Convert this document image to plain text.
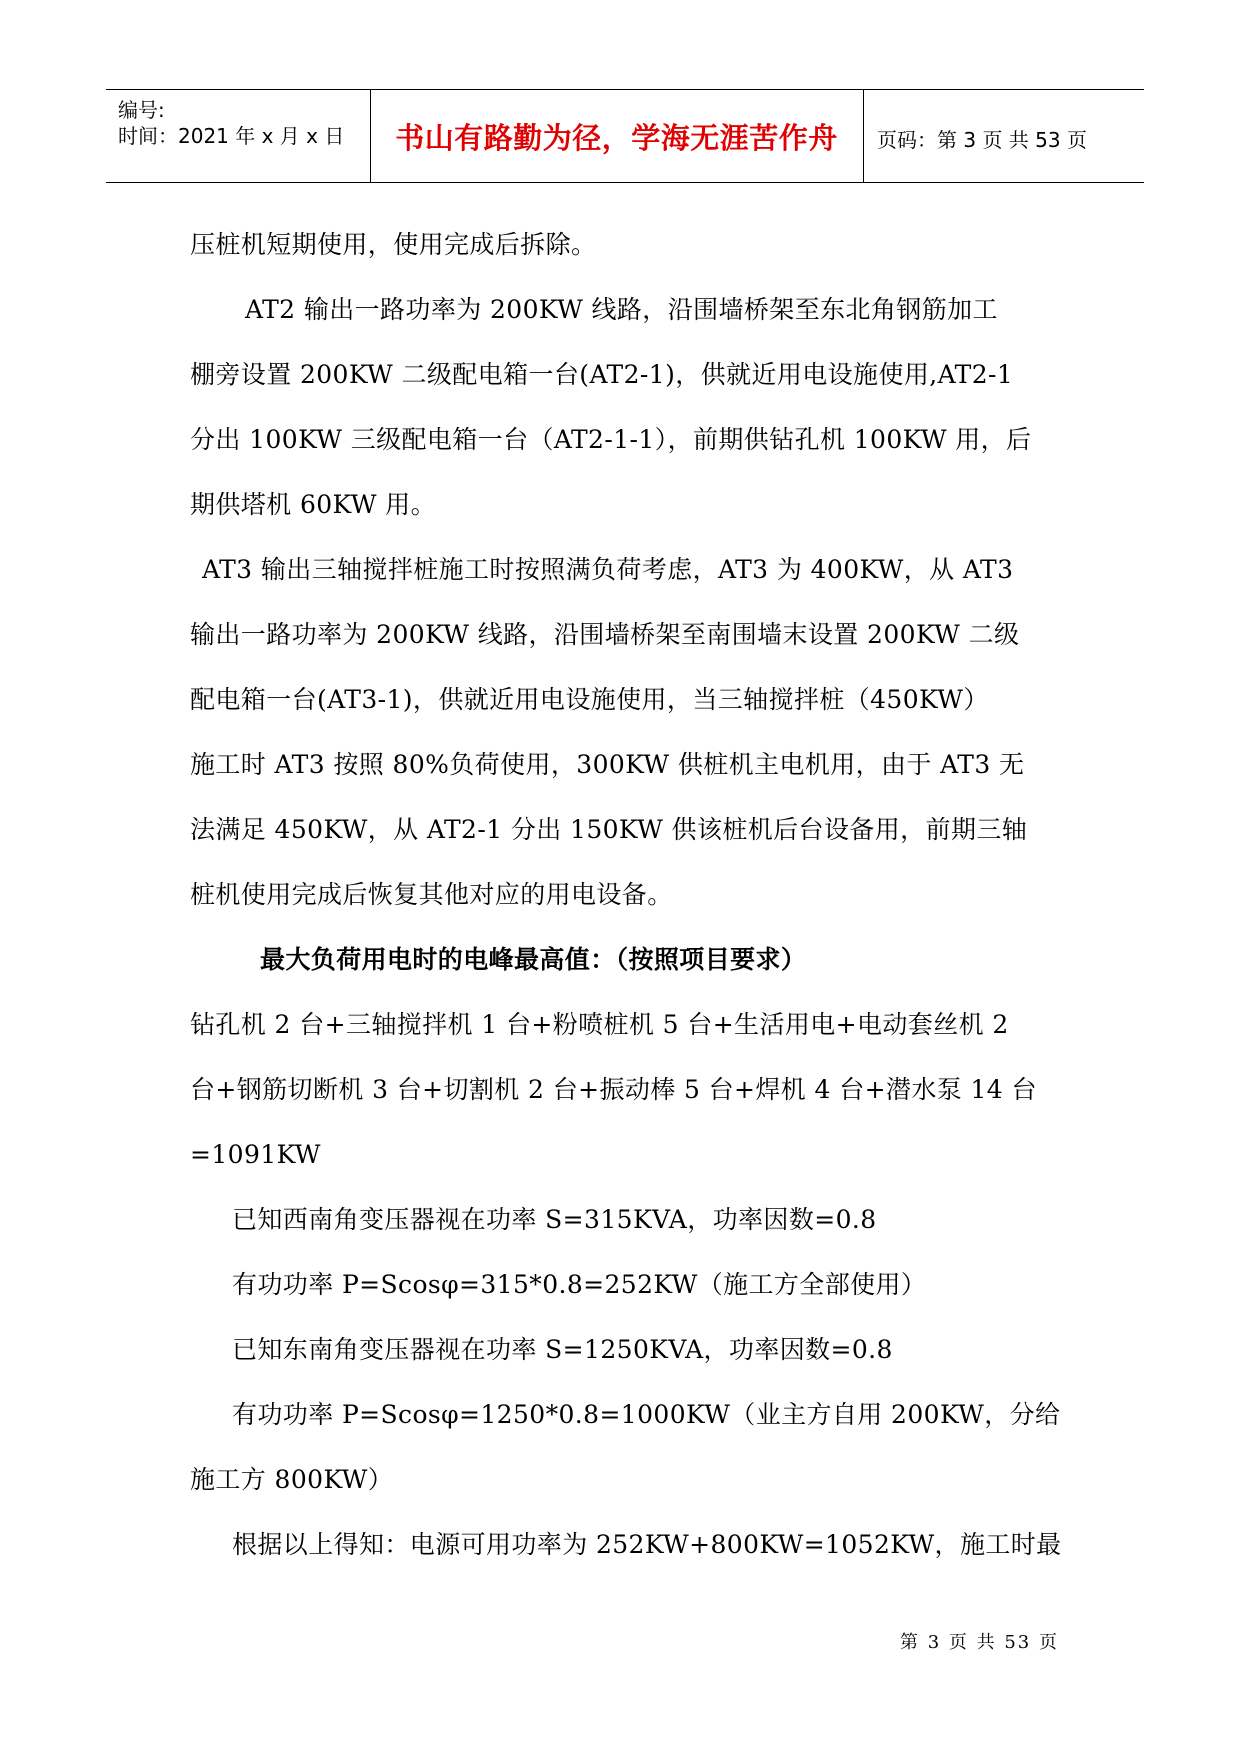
编号:
时间：2021 年 x 月 x 日	书山有路勤为径，学海无涯苦作舟	页码：第 3 页 共 53 页
压桩机短期使用，使用完成后拆除。
AT2 输出一路功率为 200KW 线路，沿围墙桥架至东北角钢筋加工
棚旁设置 200KW 二级配电箱一台(AT2-1)，供就近用电设施使用,AT2-1
分出 100KW 三级配电箱一台（AT2-1-1），前期供钻孔机 100KW 用，后
期供塔机 60KW 用。
AT3 输出三轴搅拌桩施工时按照满负荷考虑，AT3 为 400KW，从 AT3
输出一路功率为 200KW 线路，沿围墙桥架至南围墙末设置 200KW 二级
配电箱一台(AT3-1)，供就近用电设施使用，当三轴搅拌桩（450KW）
施工时 AT3 按照 80%负荷使用，300KW 供桩机主电机用，由于 AT3 无
法满足 450KW，从 AT2-1 分出 150KW 供该桩机后台设备用，前期三轴
桩机使用完成后恢复其他对应的用电设备。
最大负荷用电时的电峰最高值：（按照项目要求）
钻孔机 2 台+三轴搅拌机 1 台+粉喷桩机 5 台+生活用电+电动套丝机 2
台+钢筋切断机 3 台+切割机 2 台+振动棒 5 台+焊机 4 台+潜水泵 14 台
=1091KW
已知西南角变压器视在功率 S=315KVA，功率因数=0.8
有功功率 P=Scosφ=315*0.8=252KW（施工方全部使用）
已知东南角变压器视在功率 S=1250KVA，功率因数=0.8
有功功率 P=Scosφ=1250*0.8=1000KW（业主方自用 200KW，分给
施工方 800KW）
根据以上得知：电源可用功率为 252KW+800KW=1052KW，施工时最
第 3 页 共 53 页
